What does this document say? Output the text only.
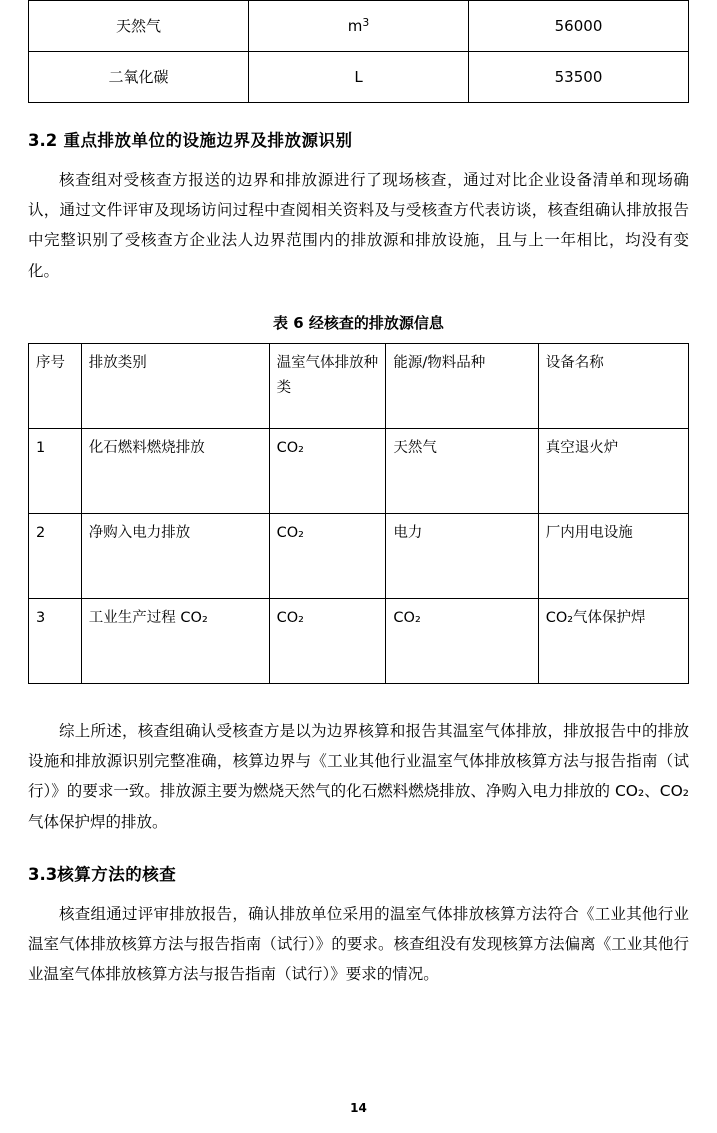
天然气	$m^3$	56000
二氧化碳	L	53500
3.2 重点排放单位的设施边界及排放源识别

核查组对受核查方报送的边界和排放源进行了现场核查，通过对比企业设备清单和现场确认，通过文件评审及现场访问过程中查阅相关资料及与受核查方代表访谈，核查组确认排放报告中完整识别了受核查方企业法人边界范围内的排放源和排放设施，且与上一年相比，均没有变化。

表 6 经核查的排放源信息
序号	排放类别	温室气体排放种类	能源/物料品种	设备名称
1	化石燃料燃烧排放	CO₂	天然气	真空退火炉
2	净购入电力排放	CO₂	电力	厂内用电设施
3	工业生产过程 CO₂	CO₂	CO₂	CO₂气体保护焊

综上所述，核查组确认受核查方是以为边界核算和报告其温室气体排放，排放报告中的排放设施和排放源识别完整准确，核算边界与《工业其他行业温室气体排放核算方法与报告指南（试行）》的要求一致。排放源主要为燃烧天然气的化石燃料燃烧排放、净购入电力排放的 CO₂、CO₂气体保护焊的排放。

3.3核算方法的核查

核查组通过评审排放报告，确认排放单位采用的温室气体排放核算方法符合《工业其他行业温室气体排放核算方法与报告指南（试行）》的要求。核查组没有发现核算方法偏离《工业其他行业温室气体排放核算方法与报告指南（试行）》要求的情况。

14
